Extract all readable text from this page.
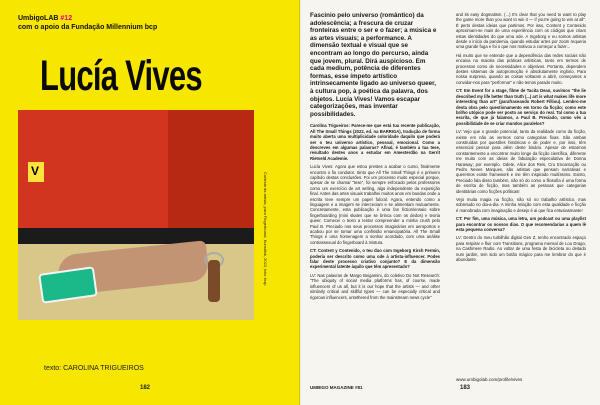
UmbigoLAB #12
com o apoio da Fundação Millennium bcp
Lucía Vives
V
Cortesia da artista, para Fingerboard, Kunstlink, 2022, foto: fosp
texto: CAROLINA TRIGUEIROS
182

Fascínio pelo universo (romântico) da adolescência; a frescura de cruzar fronteiras entre o ser e o fazer; a música e as artes visuais; a performance. A dimensão textual e visual que se encontram ao longo do percurso, ainda que jovem, plural. Dirá auspicioso. Em cada medium, potência de diferentes formas, esse ímpeto artístico intrinsecamente ligado ao universo queer, à cultura pop, à poética da palavra, dos objetos. Lucía Vives! Vamos escapar categorizações, mas inventar possibilidades.

Carolina Trigueiros: Parece-me que está tua recente publicação, All The Small Things (2022, ed. na BARRIGA), tradução de forma muito aberta uma multiplicidade coloridade daquilo que poderá ser o teu universo artístico, pessoal, emocional. Como a descreves em algumas palavras? Afinal, é também a tua tese, resultado destes anos a estudar em Amesterdão na Gerrit Rietveld Academie.

Lucía Vives: Agora que estou prestes a acabar o curso, finalmente encontro o fio condutor. Sinto que All The Small Things é o primeiro capítulo destas conclusões. Foi um processo muito especial porque, apesar de se chamar "tese", foi sempre enfocado pelos professores como um exercício de art writing, algo independente da exposição final. Antes das artes visuais trabalhei muitos anos em bandas onde a escrita teve sempre um papel fulcral. Agora, entendo como a linguagem e a imagem se interceciam e se alimentam mutuamente. Concretamente, esta publicação é uma fan fiction/ensaio sobre fingerboarding (mini skates que se brinca com os dedos) e teoria queer. Comecei o texto a tentar compreender a minha crush pelo Paul B. Preciado nos seus processos imaginários em aeroportos e acabou por se tornar uma confissão emancipatória. All The Small Things é uma homenagem a sonhar acordado, com uma análise contrassexual do fingerboard à mistura.

CT: Content y Contenido, o teu duo com Ingeborg Kirsh Fermin, poderia ser descrito como uma ode à artista-influencer. Podes falar deste processo criativo conjunto? E da dimensão experimental latente àquilo que têm apresentado?

LV: Nas palavras de Margo Beigamini, do coletivo Do Not Research: "The ubiquity of social media platforms has, of course, made influencers of us all, but it is our hope that the artists — and other similarly critical and skillful types — can be especially critical and rigorous influencers, untethered from the mainstream news cycle"

and its easy dogmatism. (...) It's clear that you need to want to play the game more than you want to win it — if you're going to win at all". É perto destas ideias que partimos. Por isso, Content y Contenido aproximam-se mais de uma experiência com os códigos que criam estas identidades do que uma ode. A Ingeborg e eu somos artistas desde o início da pandemia, quando estudar artes por zoom requeria uma grande fuga e foi o que nos motivou a começar a fazer...

Há muito que se entende que a dependência das redes sociais não encaixa na maioria das práticas artísticas, tanto em termos de processos como de necessidades e objetivos. Portanto, dependem destes sistemas de autopromoção é absolutamente inglorio. Para nossa surpresa, quando as coisas voltaram a abrir, começamos a convidar-nos para "performar" e não temos parado muito.

CT: Em Event for a stage, filme de Tacita Dean, ouvimos "the lie described my life better than truth (...) art is what makes life more interesting than art" (parafraseando Robert Filliou). Lembro-me desta obra pelo questionamento em torno da ficção; como este brilho utópico pode ser posto ao serviço do real. Tal como a tua escrita, de que já falamos, a Paul B. Preciado, como vês a possibilidade de se criar mundos paralelos?

LV: Vejo que o grande potencial, tanto da realidade como da ficção, existe em não as vermos como categorias fixas. São ambas construídas por questões históricas e de poder e, por isso, têm essencial pensar para além deste binário. Apesar de estarmos constantemente a encontrar muito longe da ficção científica, diferente me muito com as ideias de fabulação especulativa de Donna Haraway; por exemplo. Odete, Alice dos Reis, Cru Encarnação ou Pedro Neves Marques, são artistas que pensam narrativas e queremos existe framework e me têm inspirado muitíssimo. Existo, Preciado fala disso também, não só do como a filosofia é uma forma de escrita de ficção, mas também as pessoas que categorias identitárias como ficções políticas!

Vejo muita magia na ficção, não só no trabalho artístico, mas sobretudo no dia-a-dia. A minha relação com esta qualidade e ficção é manobrada com imaginação e desejo é ai que fica entusiasmante!

CT: Por fim, uma música, uma letra, um podcast ou uma playlist para encontrar os nossos dias. O que recomendarias a quem lê esta pequena conversa?

LV: Dentro do meu turbilhão digital Gen Z, tenho encontrado espaço para respirar e fluir com Transitions, programa mensal de Lou Drago, na Cashmere Radio. Ao voltar de uma festa de bicicleta ou deitado num jardim, tem sido um botão mágico para me lembrar do que é abundante.

www.umbigolab.com/profile/vives
UMBIGO MAGAZINE #81	183
